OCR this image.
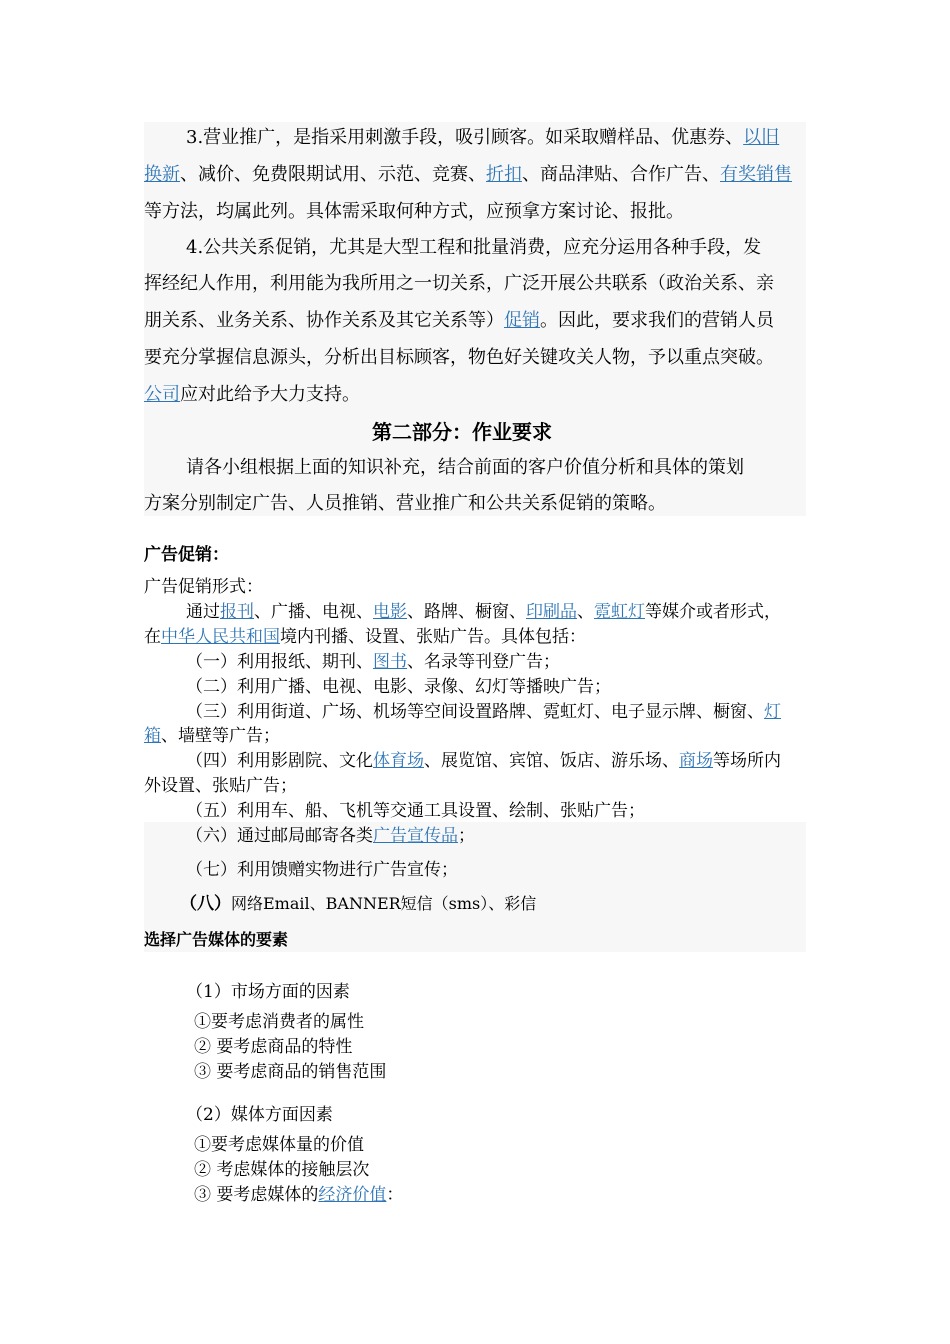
3.营业推广，是指采用刺激手段，吸引顾客。如采取赠样品、优惠券、以旧
换新、减价、免费限期试用、示范、竞赛、折扣、商品津贴、合作广告、有奖销售
等方法，均属此列。具体需采取何种方式，应预拿方案讨论、报批。
4.公共关系促销，尤其是大型工程和批量消费，应充分运用各种手段，发
挥经纪人作用，利用能为我所用之一切关系，广泛开展公共联系（政治关系、亲
朋关系、业务关系、协作关系及其它关系等）促销。因此，要求我们的营销人员
要充分掌握信息源头，分析出目标顾客，物色好关键攻关人物，予以重点突破。
公司应对此给予大力支持。
第二部分：作业要求
请各小组根据上面的知识补充，结合前面的客户价值分析和具体的策划
方案分别制定广告、人员推销、营业推广和公共关系促销的策略。
广告促销：
广告促销形式：
通过报刊、广播、电视、电影、路牌、橱窗、印刷品、霓虹灯等媒介或者形式，
在中华人民共和国境内刊播、设置、张贴广告。具体包括：
（一）利用报纸、期刊、图书、名录等刊登广告；
（二）利用广播、电视、电影、录像、幻灯等播映广告；
（三）利用街道、广场、机场等空间设置路牌、霓虹灯、电子显示牌、橱窗、灯
箱、墙壁等广告；
（四）利用影剧院、文化体育场、展览馆、宾馆、饭店、游乐场、商场等场所内
外设置、张贴广告；
（五）利用车、船、飞机等交通工具设置、绘制、张贴广告；
（六）通过邮局邮寄各类广告宣传品；
（七）利用馈赠实物进行广告宣传；
（八）网络Email、BANNER短信（sms）、彩信
选择广告媒体的要素
（1）市场方面的因素
①要考虑消费者的属性
② 要考虑商品的特性
③ 要考虑商品的销售范围
（2）媒体方面因素
①要考虑媒体量的价值
② 考虑媒体的接触层次
③ 要考虑媒体的经济价值：
